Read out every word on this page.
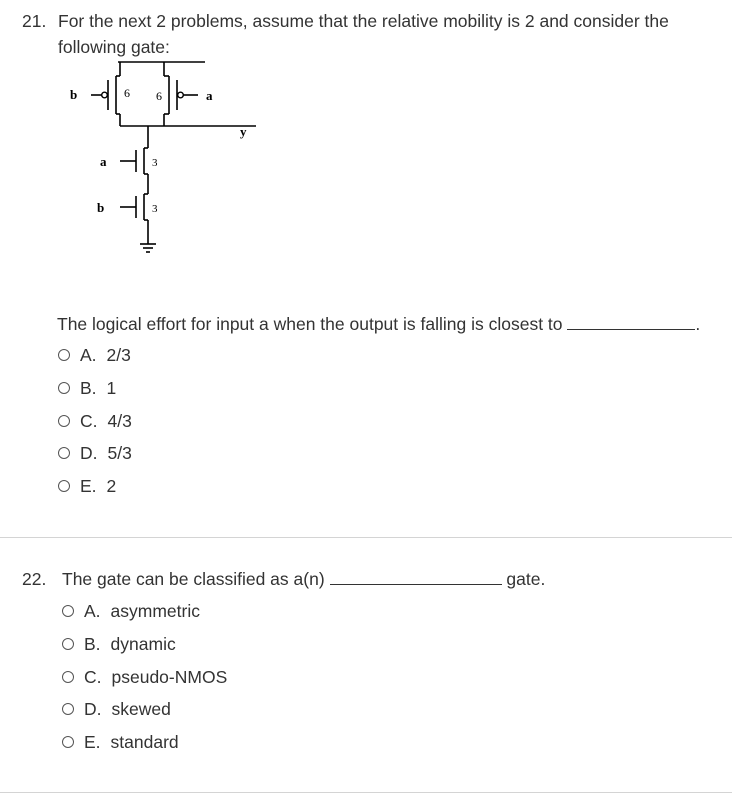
21. For the next 2 problems, assume that the relative mobility is 2 and consider the
following gate:
b	6 6	a
y
a	3
b	3
The logical effort for input a when the output is falling is closest to	.
A. 2/3
B. 1
C. 4/3
D. 5/3
E. 2
22. The gate can be classified as a(n)	gate.
A. asymmetric
B. dynamic
C. pseudo-NMOS
D. skewed
E. standard
